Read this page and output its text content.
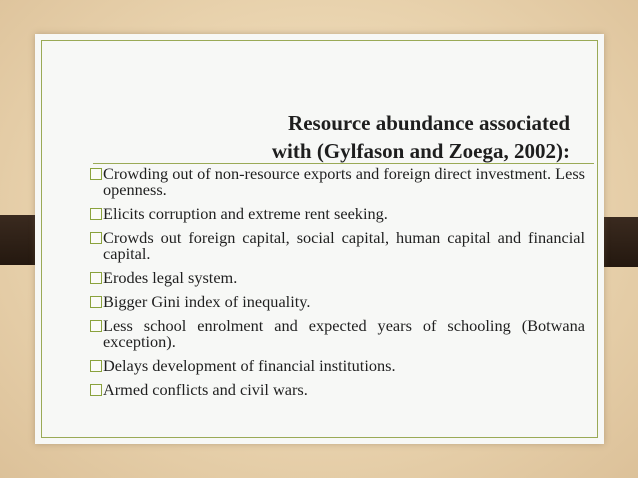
Resource abundance associated
with (Gylfason and Zoega, 2002):
Crowding out of non-resource exports and foreign direct investment. Less openness.
Elicits corruption and extreme rent seeking.
Crowds out foreign capital, social capital, human capital and financial capital.
Erodes legal system.
Bigger Gini index of inequality.
Less school enrolment and expected years of schooling (Botwana exception).
Delays development of financial institutions.
Armed conflicts and civil wars.
